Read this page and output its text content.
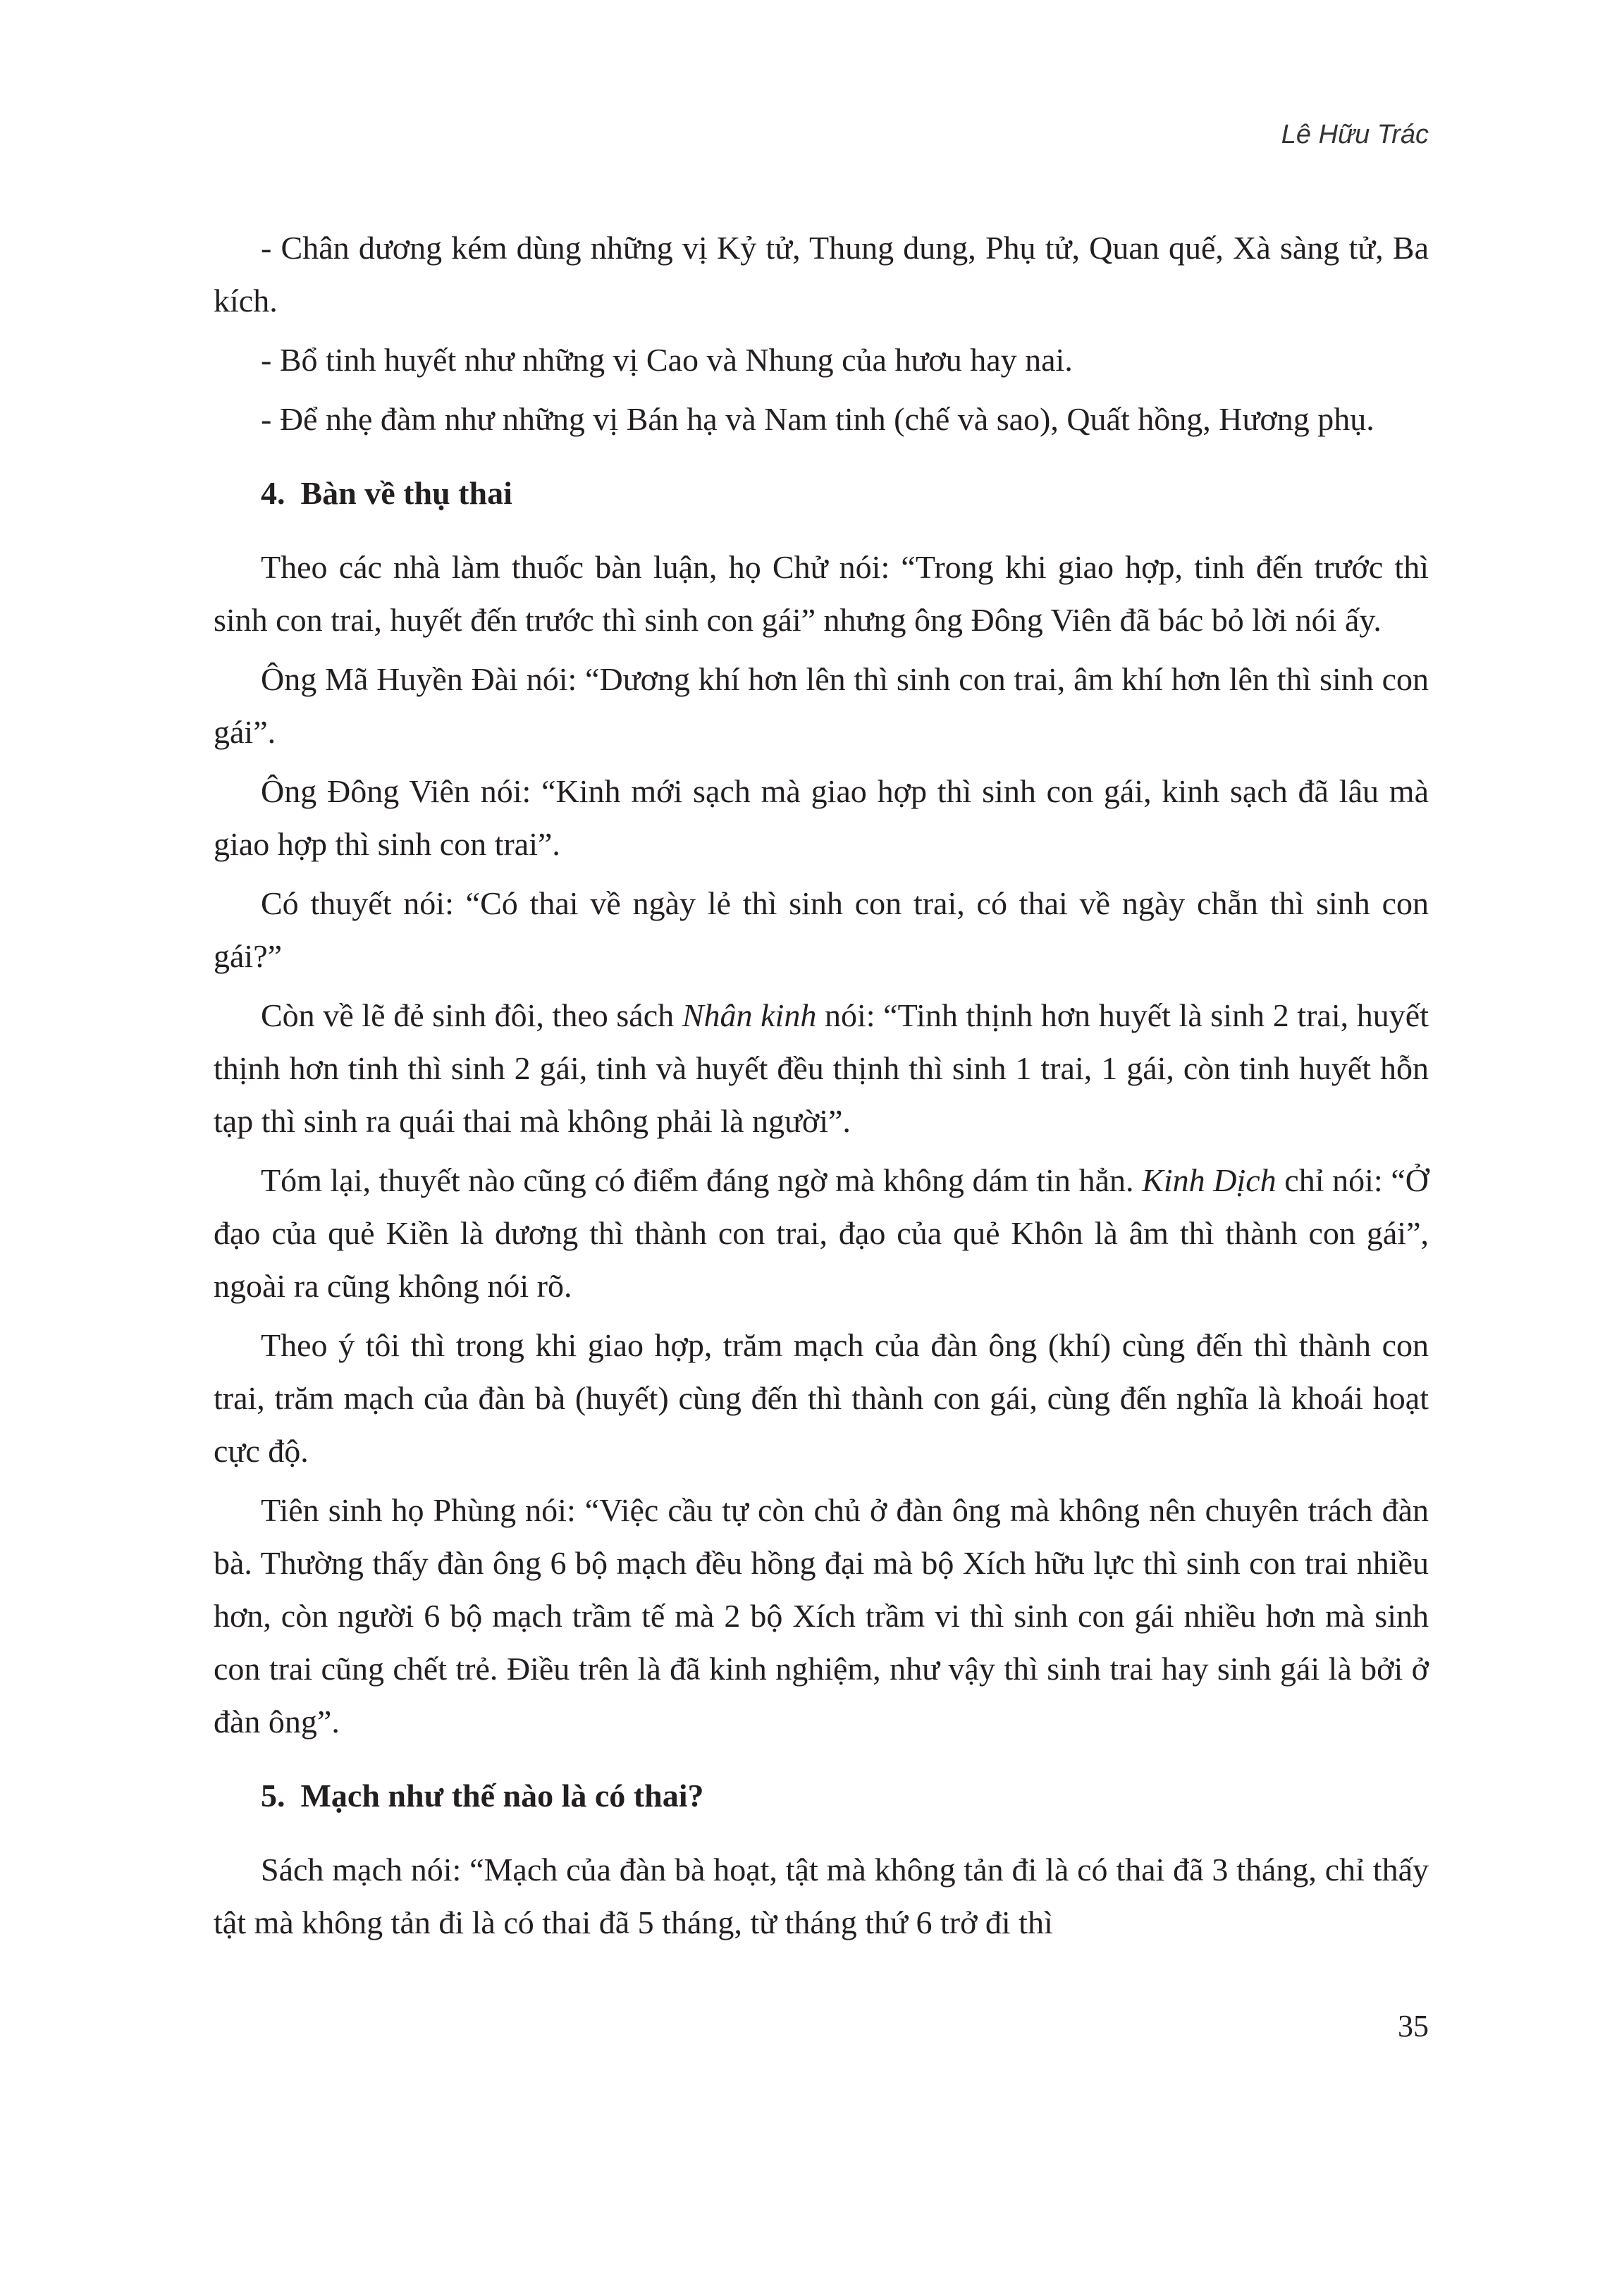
Lê Hữu Trác

- Chân dương kém dùng những vị Kỷ tử, Thung dung, Phụ tử, Quan quế, Xà sàng tử, Ba kích.

- Bổ tinh huyết như những vị Cao và Nhung của hươu hay nai.

- Để nhẹ đàm như những vị Bán hạ và Nam tinh (chế và sao), Quất hồng, Hương phụ.

4. Bàn về thụ thai

Theo các nhà làm thuốc bàn luận, họ Chử nói: “Trong khi giao hợp, tinh đến trước thì sinh con trai, huyết đến trước thì sinh con gái” nhưng ông Đông Viên đã bác bỏ lời nói ấy.

Ông Mã Huyền Đài nói: “Dương khí hơn lên thì sinh con trai, âm khí hơn lên thì sinh con gái”.

Ông Đông Viên nói: “Kinh mới sạch mà giao hợp thì sinh con gái, kinh sạch đã lâu mà giao hợp thì sinh con trai”.

Có thuyết nói: “Có thai về ngày lẻ thì sinh con trai, có thai về ngày chẵn thì sinh con gái?”

Còn về lẽ đẻ sinh đôi, theo sách Nhân kinh nói: “Tinh thịnh hơn huyết là sinh 2 trai, huyết thịnh hơn tinh thì sinh 2 gái, tinh và huyết đều thịnh thì sinh 1 trai, 1 gái, còn tinh huyết hỗn tạp thì sinh ra quái thai mà không phải là người”.

Tóm lại, thuyết nào cũng có điểm đáng ngờ mà không dám tin hẳn. Kinh Dịch chỉ nói: “Ở đạo của quẻ Kiền là dương thì thành con trai, đạo của quẻ Khôn là âm thì thành con gái”, ngoài ra cũng không nói rõ.

Theo ý tôi thì trong khi giao hợp, trăm mạch của đàn ông (khí) cùng đến thì thành con trai, trăm mạch của đàn bà (huyết) cùng đến thì thành con gái, cùng đến nghĩa là khoái hoạt cực độ.

Tiên sinh họ Phùng nói: “Việc cầu tự còn chủ ở đàn ông mà không nên chuyên trách đàn bà. Thường thấy đàn ông 6 bộ mạch đều hồng đại mà bộ Xích hữu lực thì sinh con trai nhiều hơn, còn người 6 bộ mạch trầm tế mà 2 bộ Xích trầm vi thì sinh con gái nhiều hơn mà sinh con trai cũng chết trẻ. Điều trên là đã kinh nghiệm, như vậy thì sinh trai hay sinh gái là bởi ở đàn ông”.

5. Mạch như thế nào là có thai?

Sách mạch nói: “Mạch của đàn bà hoạt, tật mà không tản đi là có thai đã 3 tháng, chỉ thấy tật mà không tản đi là có thai đã 5 tháng, từ tháng thứ 6 trở đi thì

35
